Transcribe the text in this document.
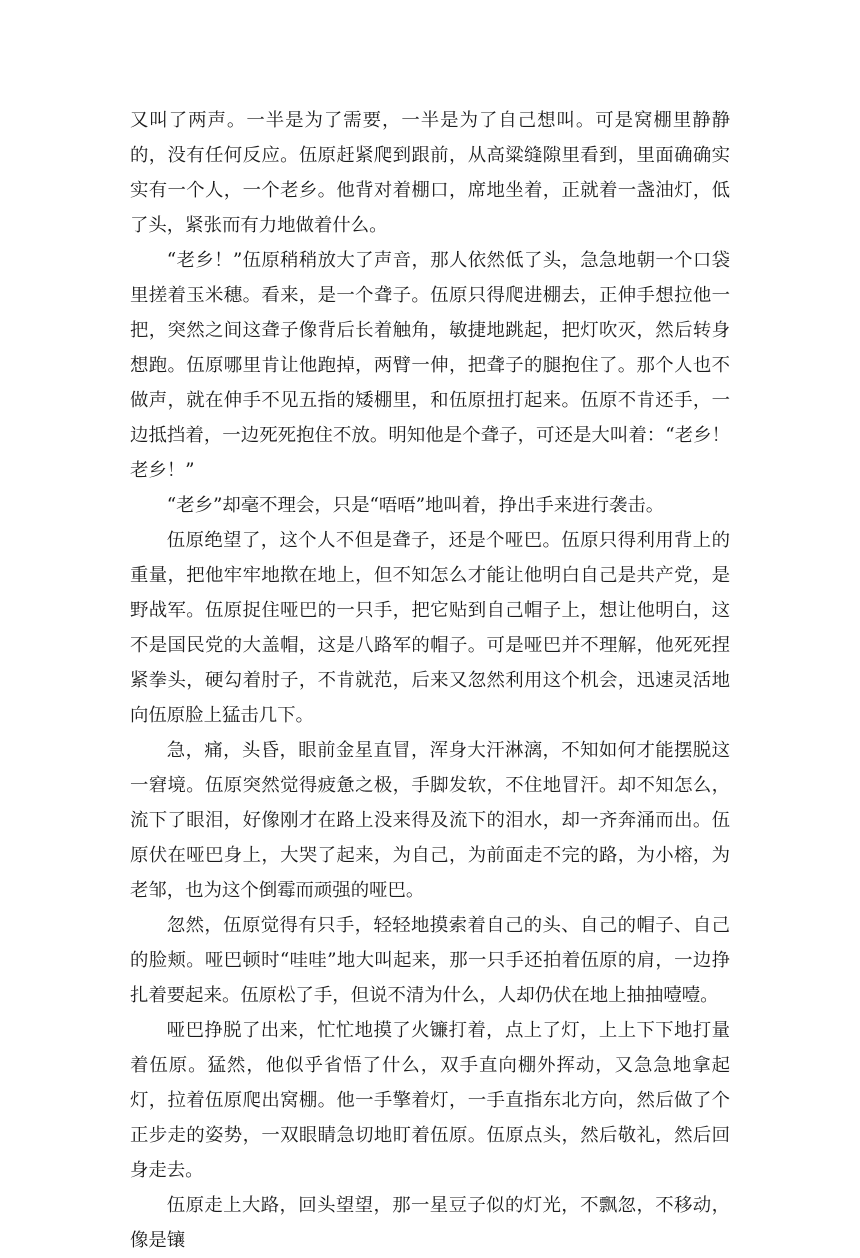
又叫了两声。一半是为了需要，一半是为了自己想叫。可是窝棚里静静的，没有任何反应。伍原赶紧爬到跟前，从高粱缝隙里看到，里面确确实实有一个人，一个老乡。他背对着棚口，席地坐着，正就着一盏油灯，低了头，紧张而有力地做着什么。

“老乡！”伍原稍稍放大了声音，那人依然低了头，急急地朝一个口袋里搓着玉米穗。看来，是一个聋子。伍原只得爬进棚去，正伸手想拉他一把，突然之间这聋子像背后长着触角，敏捷地跳起，把灯吹灭，然后转身想跑。伍原哪里肯让他跑掉，两臂一伸，把聋子的腿抱住了。那个人也不做声，就在伸手不见五指的矮棚里，和伍原扭打起来。伍原不肯还手，一边抵挡着，一边死死抱住不放。明知他是个聋子，可还是大叫着：“老乡！老乡！”

“老乡”却毫不理会，只是“唔唔”地叫着，挣出手来进行袭击。

伍原绝望了，这个人不但是聋子，还是个哑巴。伍原只得利用背上的重量，把他牢牢地揿在地上，但不知怎么才能让他明白自己是共产党，是野战军。伍原捉住哑巴的一只手，把它贴到自己帽子上，想让他明白，这不是国民党的大盖帽，这是八路军的帽子。可是哑巴并不理解，他死死捏紧拳头，硬勾着肘子，不肯就范，后来又忽然利用这个机会，迅速灵活地向伍原脸上猛击几下。

急，痛，头昏，眼前金星直冒，浑身大汗淋漓，不知如何才能摆脱这一窘境。伍原突然觉得疲惫之极，手脚发软，不住地冒汗。却不知怎么，流下了眼泪，好像刚才在路上没来得及流下的泪水，却一齐奔涌而出。伍原伏在哑巴身上，大哭了起来，为自己，为前面走不完的路，为小榕，为老邹，也为这个倒霉而顽强的哑巴。

忽然，伍原觉得有只手，轻轻地摸索着自己的头、自己的帽子、自己的脸颊。哑巴顿时“哇哇”地大叫起来，那一只手还拍着伍原的肩，一边挣扎着要起来。伍原松了手，但说不清为什么，人却仍伏在地上抽抽噎噎。

哑巴挣脱了出来，忙忙地摸了火镰打着，点上了灯，上上下下地打量着伍原。猛然，他似乎省悟了什么，双手直向棚外挥动，又急急地拿起灯，拉着伍原爬出窝棚。他一手擎着灯，一手直指东北方向，然后做了个正步走的姿势，一双眼睛急切地盯着伍原。伍原点头，然后敬礼，然后回身走去。

伍原走上大路，回头望望，那一星豆子似的灯光，不飘忽，不移动，像是镶
